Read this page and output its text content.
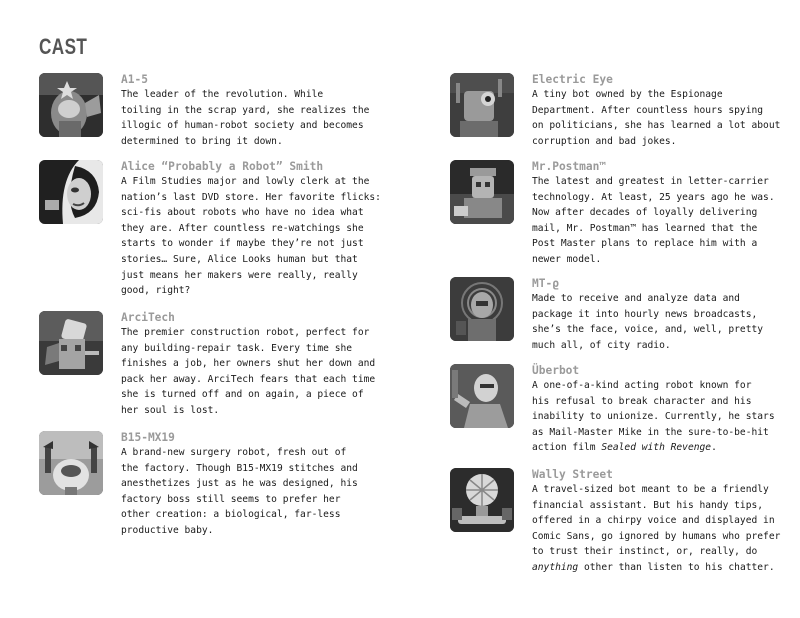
CAST
A1-5
The leader of the revolution. While
toiling in the scrap yard, she realizes the
illogic of human-robot society and becomes
determined to bring it down.
Alice “Probably a Robot” Smith
A Film Studies major and lowly clerk at the
nation’s last DVD store. Her favorite flicks:
sci-fis about robots who have no idea what
they are. After countless re-watchings she
starts to wonder if maybe they’re not just
stories… Sure, Alice Looks human but that
just means her makers were really, really
good, right?
ArciTech
The premier construction robot, perfect for
any building-repair task. Every time she
finishes a job, her owners shut her down and
pack her away. ArciTech fears that each time
she is turned off and on again, a piece of
her soul is lost.
B15-MX19
A brand-new surgery robot, fresh out of
the factory. Though B15-MX19 stitches and
anesthetizes just as he was designed, his
factory boss still seems to prefer her
other creation: a biological, far-less
productive baby.
Electric Eye
A tiny bot owned by the Espionage
Department. After countless hours spying
on politicians, she has learned a lot about
corruption and bad jokes.
Mr.Postman™
The latest and greatest in letter-carrier
technology. At least, 25 years ago he was.
Now after decades of loyally delivering
mail, Mr. Postman™ has learned that the
Post Master plans to replace him with a
newer model.
MT-ϱ
Made to receive and analyze data and
package it into hourly news broadcasts,
she’s the face, voice, and, well, pretty
much all, of city radio.
Überbot
A one-of-a-kind acting robot known for
his refusal to break character and his
inability to unionize. Currently, he stars
as Mail-Master Mike in the sure-to-be-hit
action film Sealed with Revenge.
Wally Street
A travel-sized bot meant to be a friendly
financial assistant. But his handy tips,
offered in a chirpy voice and displayed in
Comic Sans, go ignored by humans who prefer
to trust their instinct, or, really, do
anything other than listen to his chatter.
